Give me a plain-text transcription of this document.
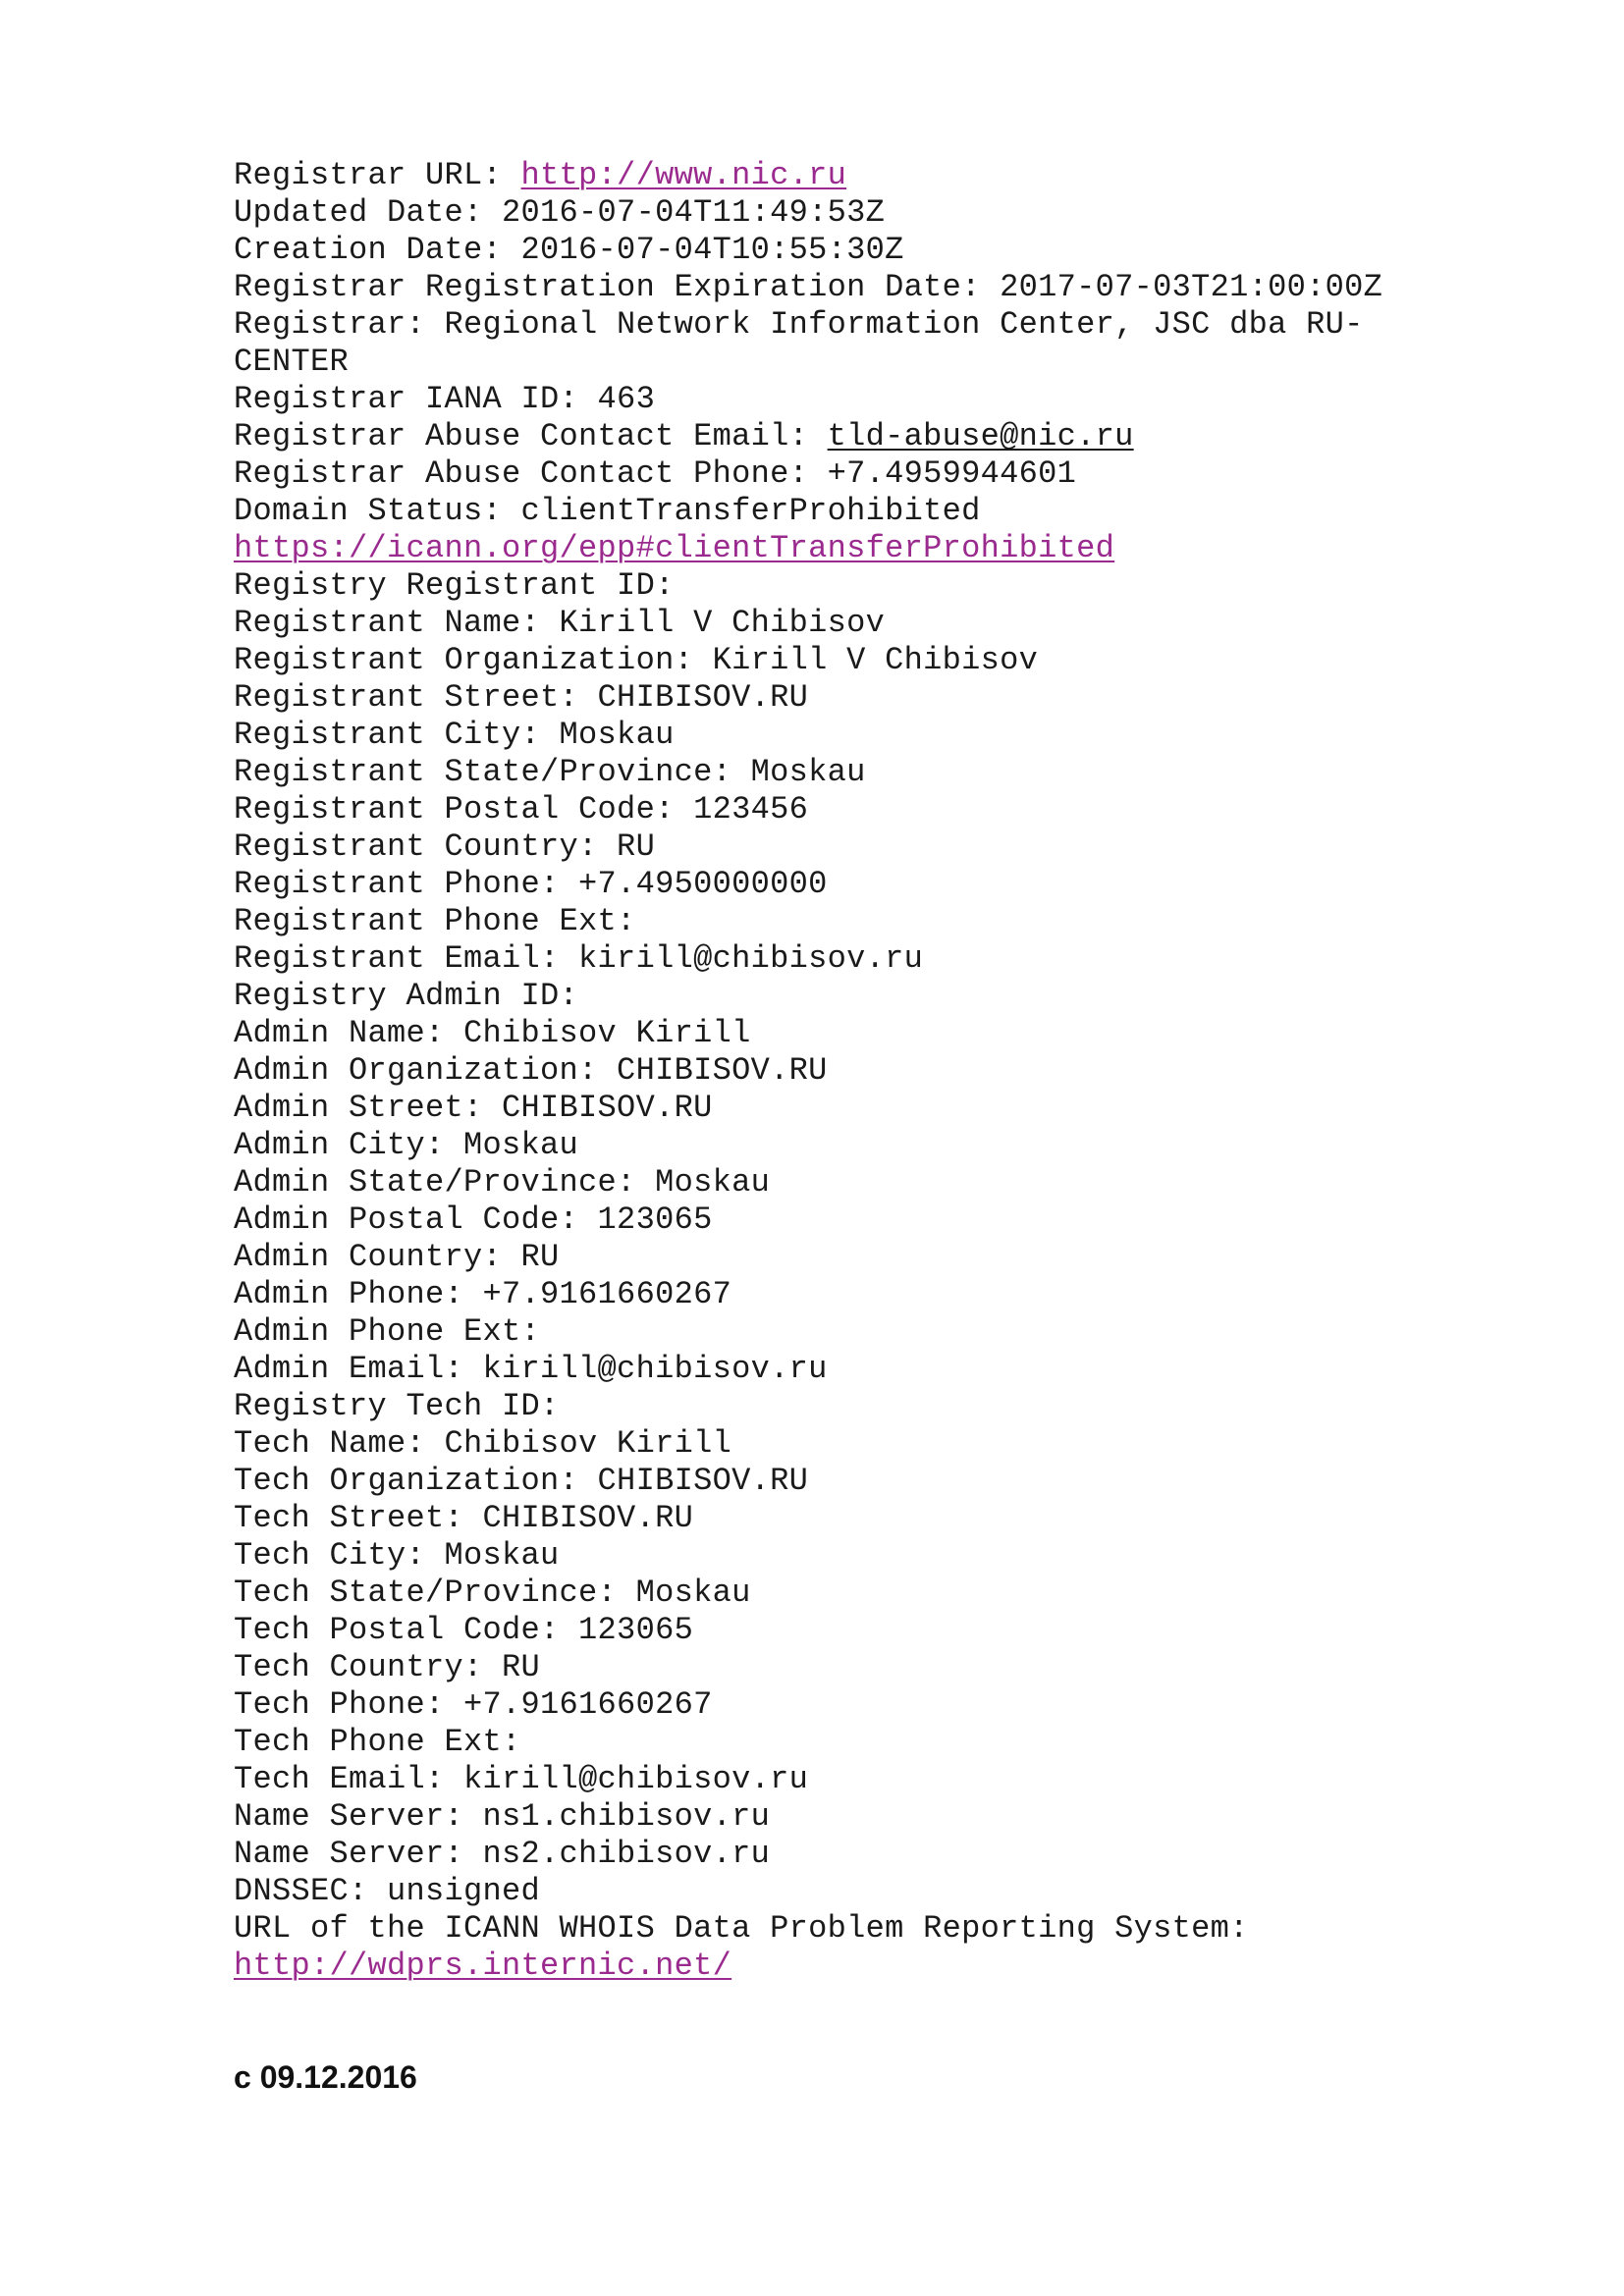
Registrar URL: http://www.nic.ru
Updated Date: 2016-07-04T11:49:53Z
Creation Date: 2016-07-04T10:55:30Z
Registrar Registration Expiration Date: 2017-07-03T21:00:00Z
Registrar: Regional Network Information Center, JSC dba RU-
CENTER
Registrar IANA ID: 463
Registrar Abuse Contact Email: tld-abuse@nic.ru
Registrar Abuse Contact Phone: +7.4959944601
Domain Status: clientTransferProhibited
https://icann.org/epp#clientTransferProhibited
Registry Registrant ID:
Registrant Name: Kirill V Chibisov
Registrant Organization: Kirill V Chibisov
Registrant Street: CHIBISOV.RU
Registrant City: Moskau
Registrant State/Province: Moskau
Registrant Postal Code: 123456
Registrant Country: RU
Registrant Phone: +7.4950000000
Registrant Phone Ext:
Registrant Email: kirill@chibisov.ru
Registry Admin ID:
Admin Name: Chibisov Kirill
Admin Organization: CHIBISOV.RU
Admin Street: CHIBISOV.RU
Admin City: Moskau
Admin State/Province: Moskau
Admin Postal Code: 123065
Admin Country: RU
Admin Phone: +7.9161660267
Admin Phone Ext:
Admin Email: kirill@chibisov.ru
Registry Tech ID:
Tech Name: Chibisov Kirill
Tech Organization: CHIBISOV.RU
Tech Street: CHIBISOV.RU
Tech City: Moskau
Tech State/Province: Moskau
Tech Postal Code: 123065
Tech Country: RU
Tech Phone: +7.9161660267
Tech Phone Ext:
Tech Email: kirill@chibisov.ru
Name Server: ns1.chibisov.ru
Name Server: ns2.chibisov.ru
DNSSEC: unsigned
URL of the ICANN WHOIS Data Problem Reporting System:
http://wdprs.internic.net/
с 09.12.2016
